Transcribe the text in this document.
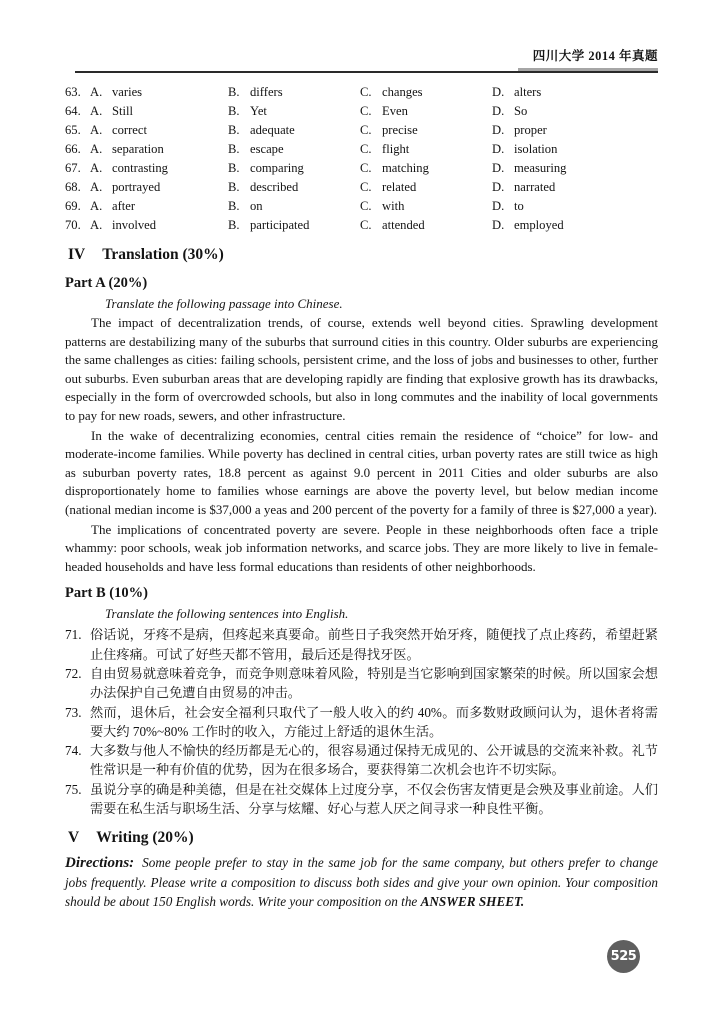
四川大学 2014 年真题
63. A. varies	B. differs	C. changes	D. alters
64. A. Still	B. Yet	C. Even	D. So
65. A. correct	B. adequate	C. precise	D. proper
66. A. separation	B. escape	C. flight	D. isolation
67. A. contrasting	B. comparing	C. matching	D. measuring
68. A. portrayed	B. described	C. related	D. narrated
69. A. after	B. on	C. with	D. to
70. A. involved	B. participated	C. attended	D. employed
IV Translation (30%)
Part A (20%)

Translate the following passage into Chinese.

The impact of decentralization trends, of course, extends well beyond cities. Sprawling development patterns are destabilizing many of the suburbs that surround cities in this country. Older suburbs are experiencing the same challenges as cities: failing schools, persistent crime, and the loss of jobs and businesses to other, further out suburbs. Even suburban areas that are developing rapidly are finding that explosive growth has its drawbacks, especially in the form of overcrowded schools, but also in long commutes and the inability of local governments to pay for new roads, sewers, and other infrastructure.

In the wake of decentralizing economies, central cities remain the residence of “choice” for low- and moderate-income families. While poverty has declined in central cities, urban poverty rates are still twice as high as suburban poverty rates, 18.8 percent as against 9.0 percent in 2011 Cities and older suburbs are also disproportionately home to families whose earnings are above the poverty level, but below median income (national median income is $37,000 a yeas and 200 percent of the poverty for a family of three is $27,000 a year).

The implications of concentrated poverty are severe. People in these neighborhoods often face a triple whammy: poor schools, weak job information networks, and scarce jobs. They are more likely to live in female-headed households and have less formal educations than residents of other neighborhoods.

Part B (10%)

Translate the following sentences into English.

71. 俗话说，牙疼不是病，但疼起来真要命。前些日子我突然开始牙疼，随便找了点止疼药，希望赶紧止住疼痛。可试了好些天都不管用，最后还是得找牙医。
72. 自由贸易就意味着竞争，而竞争则意味着风险，特别是当它影响到国家繁荣的时候。所以国家会想办法保护自己免遭自由贸易的冲击。
73. 然而，退休后，社会安全福利只取代了一般人收入的约 40%。而多数财政顾问认为，退休者将需要大约 70%~80% 工作时的收入，方能过上舒适的退休生活。
74. 大多数与他人不愉快的经历都是无心的，很容易通过保持无成见的、公开诚恳的交流来补救。礼节性常识是一种有价值的优势，因为在很多场合，要获得第二次机会也许不切实际。
75. 虽说分享的确是种美德，但是在社交媒体上过度分享，不仅会伤害友情更是会殃及事业前途。人们需要在私生活与职场生活、分享与炫耀、好心与惹人厌之间寻求一种良性平衡。
V Writing (20%)

Directions: Some people prefer to stay in the same job for the same company, but others prefer to change jobs frequently. Please write a composition to discuss both sides and give your own opinion. Your composition should be about 150 English words. Write your composition on the ANSWER SHEET.

525
